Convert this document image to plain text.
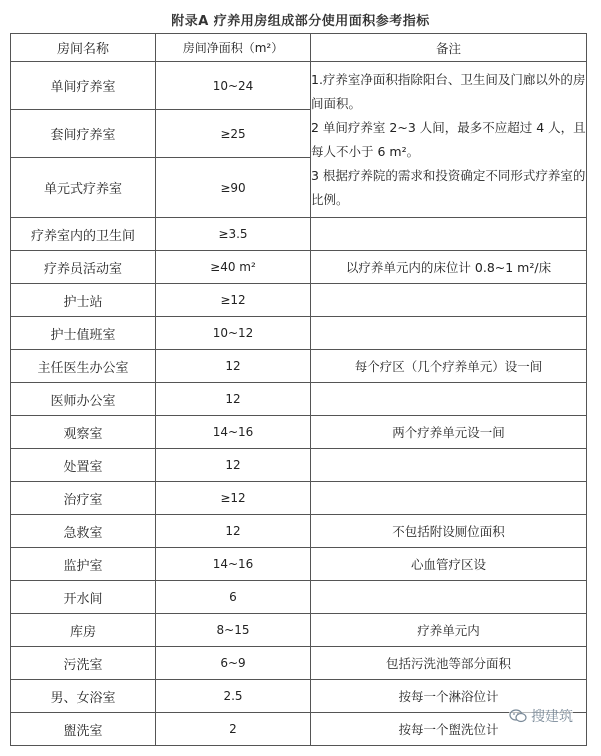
附录A 疗养用房组成部分使用面积参考指标
房间名称	房间净面积（m²）	备注
单间疗养室	10~24	1.疗养室净面积指除阳台、卫生间及门廊以外的房间面积。
2 单间疗养室 2~3 人间，最多不应超过 4 人，且每人不小于 6 m²。
3 根据疗养院的需求和投资确定不同形式疗养室的比例。

套间疗养室	≥25	
单元式疗养室	≥90	
疗养室内的卫生间	≥3.5	
疗养员活动室	≥40 m²	以疗养单元内的床位计 0.8~1 m²/床
护士站	≥12	
护士值班室	10~12	
主任医生办公室	12	每个疗区（几个疗养单元）设一间
医师办公室	12	
观察室	14~16	两个疗养单元设一间
处置室	12	
治疗室	≥12	
急救室	12	不包括附设厕位面积
监护室	14~16	心血管疗区设
开水间	6	
库房	8~15	疗养单元内
污洗室	6~9	包括污洗池等部分面积
男、女浴室	2.5	按每一个淋浴位计
盥洗室	2	按每一个盥洗位计
搜建筑
